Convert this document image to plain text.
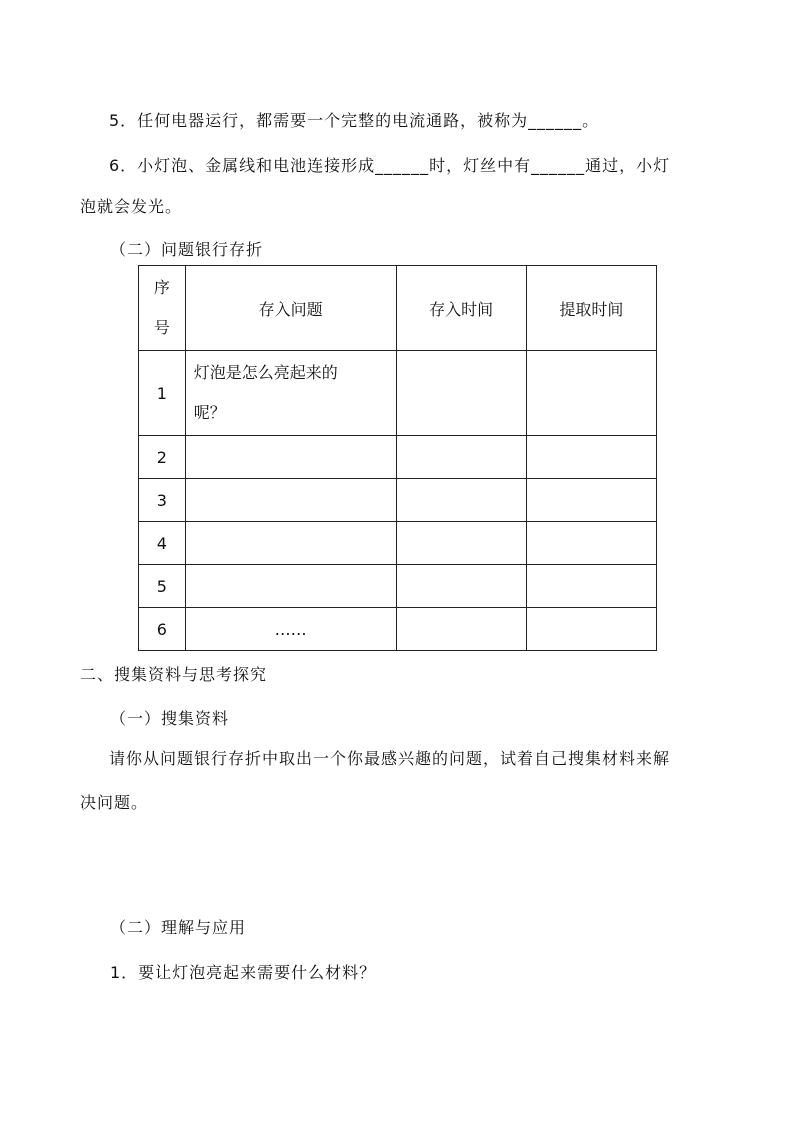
5．任何电器运行，都需要一个完整的电流通路，被称为______。
6．小灯泡、金属线和电池连接形成______时，灯丝中有______通过，小灯
泡就会发光。
（二）问题银行存折
序
号	存入问题	存入时间	提取时间
1	灯泡是怎么亮起来的
呢？		

2			
3			
4			
5			
6	……		
二、搜集资料与思考探究
（一）搜集资料
请你从问题银行存折中取出一个你最感兴趣的问题，试着自己搜集材料来解
决问题。
（二）理解与应用
1．要让灯泡亮起来需要什么材料？
